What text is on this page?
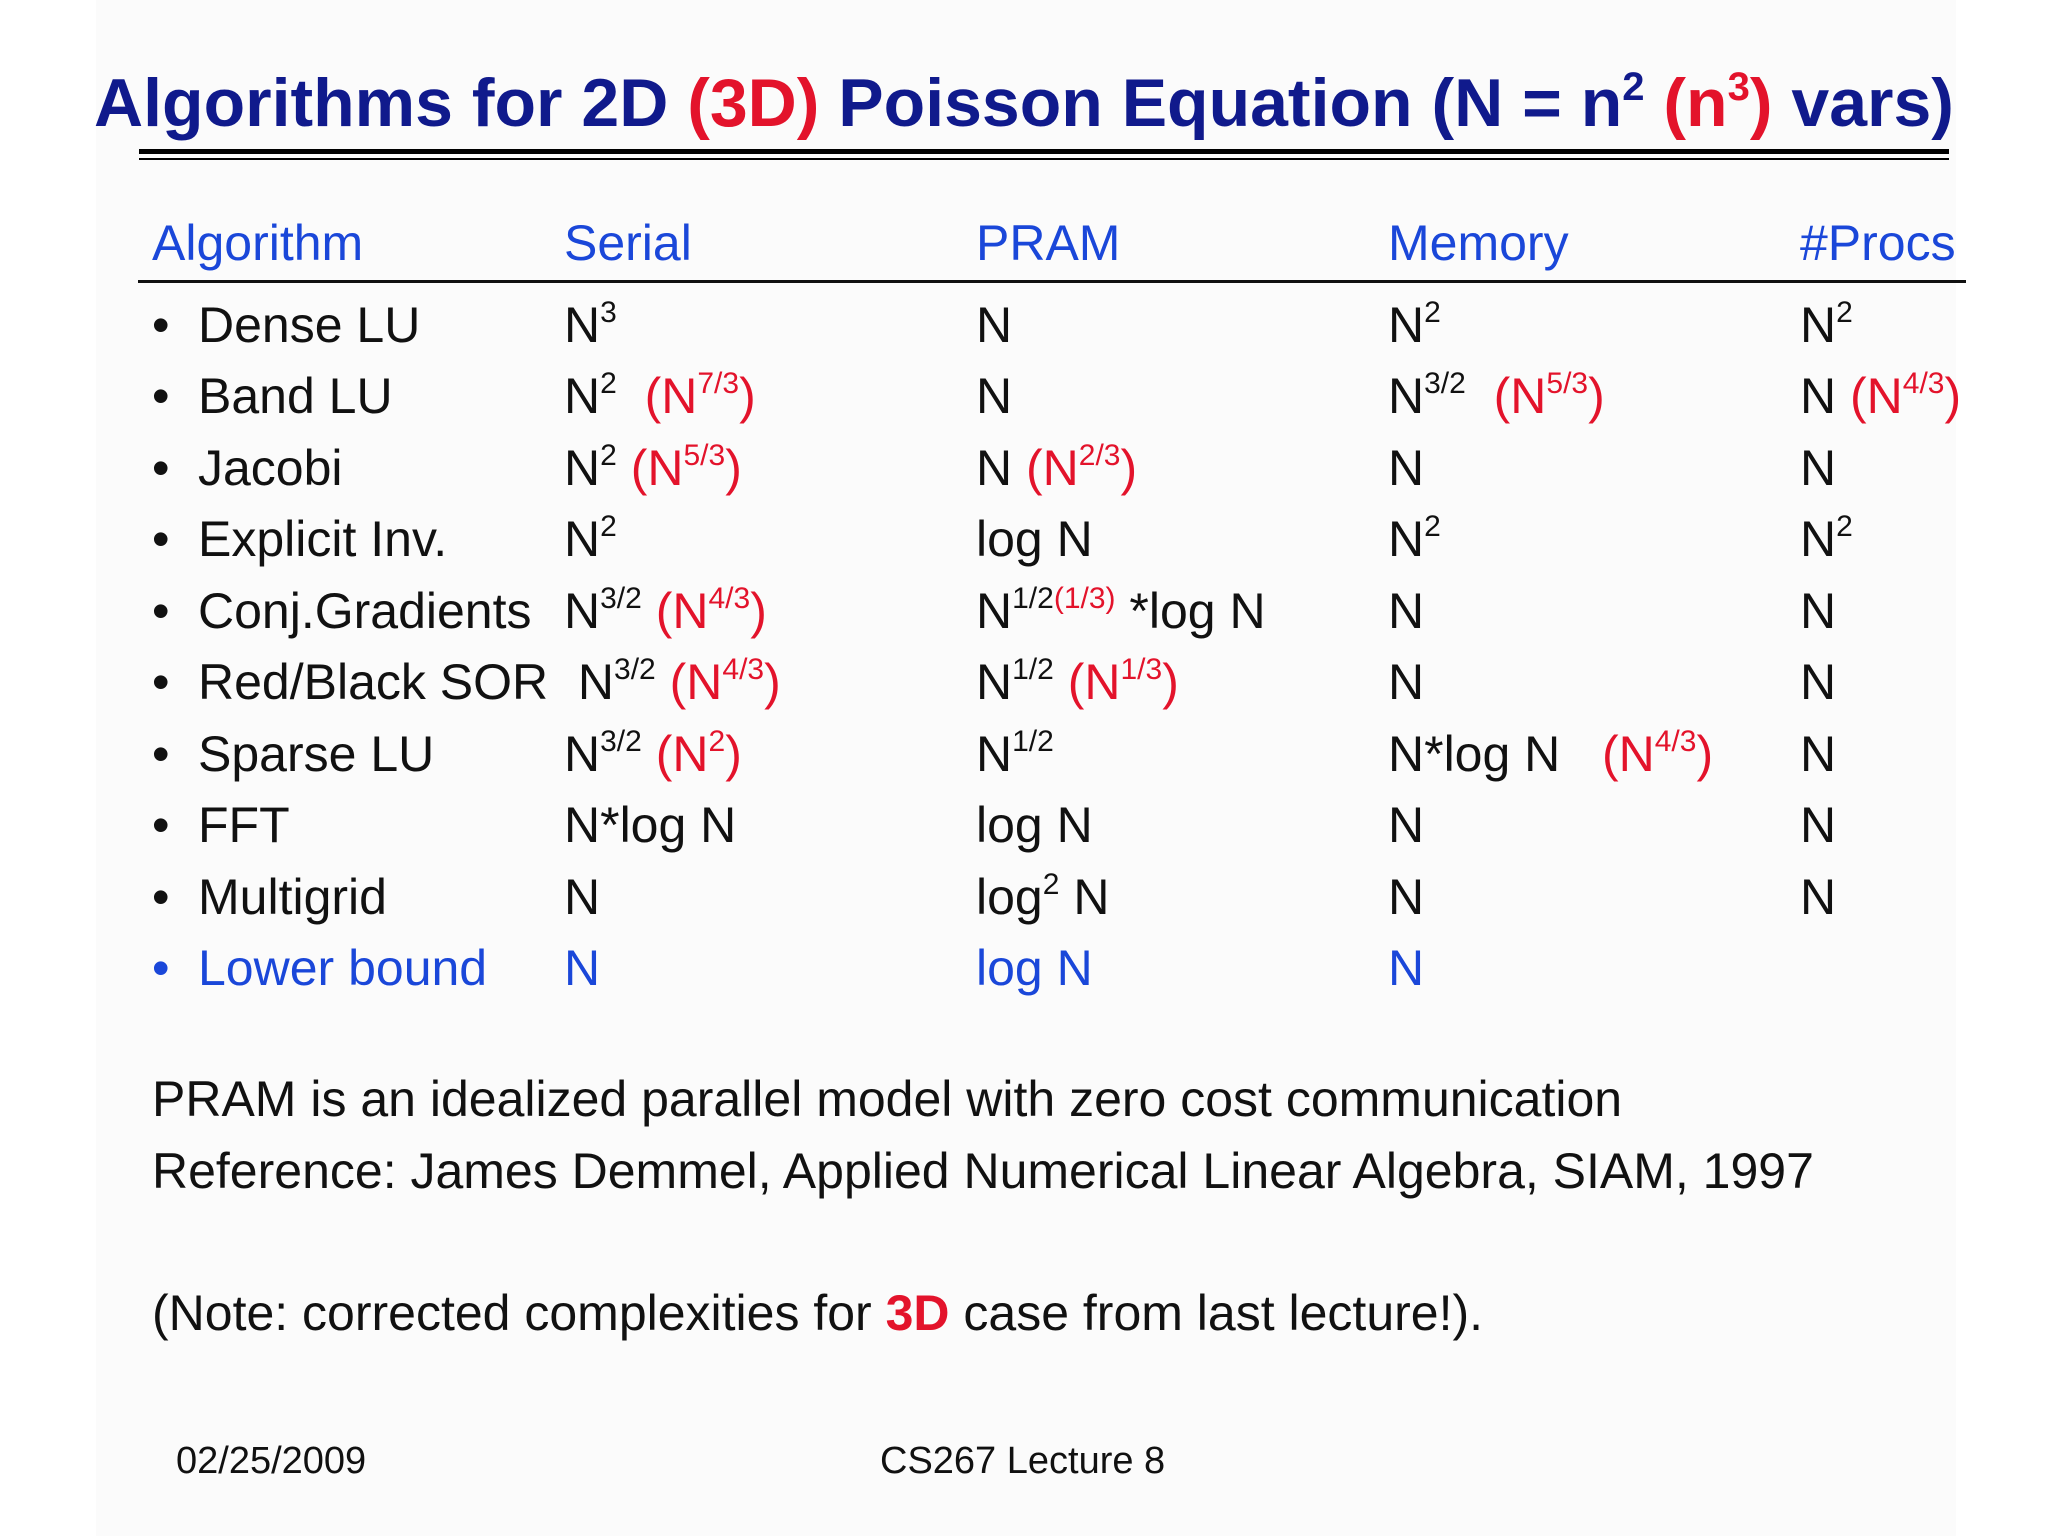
Algorithms for 2D (3D) Poisson Equation ($N = n^2$ $(n^3)$ vars)
Algorithm	Serial	PRAM	Memory	#Procs
• Dense LU	$N^3$	N	$N^2$	$N^2$
• Band LU	$N^2$ $(N^{7/3})$	N	$N^{3/2}$ $(N^{5/3})$	N $(N^{4/3})$
• Jacobi	$N^2$ $(N^{5/3})$	N $(N^{2/3})$	N	N
• Explicit Inv.	$N^2$	log N	$N^2$	$N^2$
• Conj.Gradients	$N^{3/2}$ $(N^{4/3})$	$N^{1/2(1/3)}$ *log N	N	N
• Red/Black SOR	$N^{3/2}$ $(N^{4/3})$	$N^{1/2}$ $(N^{1/3})$	N	N
• Sparse LU	$N^{3/2}$ $(N^2)$	$N^{1/2}$	N*log N $(N^{4/3})$	N
• FFT	N*log N	log N	N	N
• Multigrid	N	$\log^2 N$	N	N
• Lower bound	N	log N	N	
PRAM is an idealized parallel model with zero cost communication
Reference: James Demmel, Applied Numerical Linear Algebra, SIAM, 1997
(Note: corrected complexities for 3D case from last lecture!).
02/25/2009	CS267 Lecture 8
